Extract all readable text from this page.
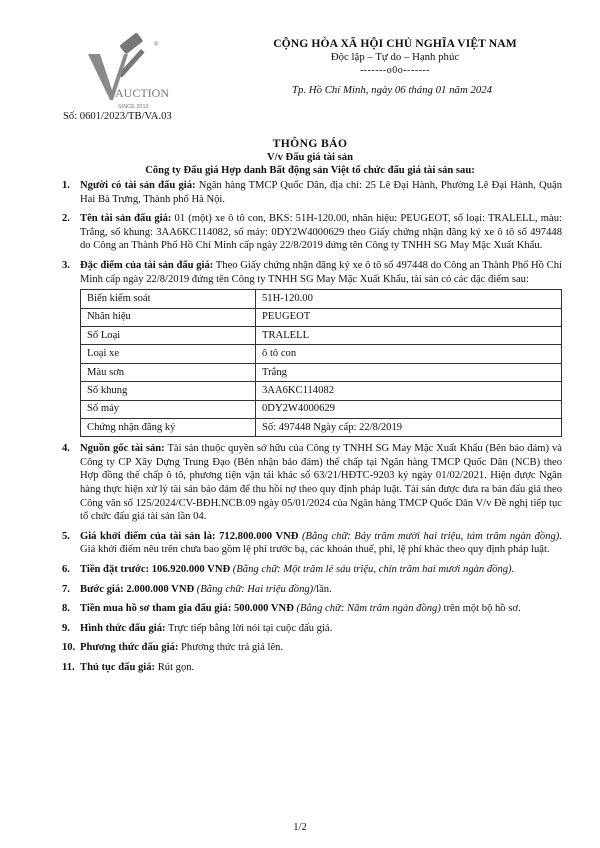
AUCTION
SINCE 2013
®
Số: 0601/2023/TB/VA.03
CỘNG HÒA XÃ HỘI CHỦ NGHĨA VIỆT NAM
Độc lập – Tự do – Hạnh phúc
-------o0o-------
Tp. Hồ Chí Minh, ngày 06 tháng 01 năm 2024
THÔNG BÁO
V/v Đấu giá tài sản
Công ty Đấu giá Hợp danh Bất động sản Việt tổ chức đấu giá tài sản sau:
1. Người có tài sản đấu giá: Ngân hàng TMCP Quốc Dân, địa chỉ: 25 Lê Đại Hành, Phường Lê Đại Hành, Quận Hai Bà Trưng, Thành phố Hà Nội.
2. Tên tài sản đấu giá: 01 (một) xe ô tô con, BKS: 51H-120.00, nhãn hiệu: PEUGEOT, số loại: TRALELL, màu: Trắng, số khung: 3AA6KC114082, số máy: 0DY2W4000629 theo Giấy chứng nhận đăng ký xe ô tô số 497448 do Công an Thành Phố Hồ Chí Minh cấp ngày 22/8/2019 đứng tên Công ty TNHH SG May Mặc Xuất Khẩu.
3. Đặc điểm của tài sản đấu giá: Theo Giấy chứng nhận đăng ký xe ô tô số 497448 do Công an Thành Phố Hồ Chí Minh cấp ngày 22/8/2019 đứng tên Công ty TNHH SG May Mặc Xuất Khẩu, tài sản có các đặc điểm sau:
Biển kiểm soát	51H-120.00
Nhãn hiệu	PEUGEOT
Số Loại	TRALELL
Loại xe	ô tô con
Màu sơn	Trắng
Số khung	3AA6KC114082
Số máy	0DY2W4000629
Chứng nhận đăng ký	Số: 497448 Ngày cấp: 22/8/2019
4. Nguồn gốc tài sản: Tài sản thuộc quyền sở hữu của Công ty TNHH SG May Mặc Xuất Khẩu (Bên bảo đảm) và Công ty CP Xây Dựng Trung Đạo (Bên nhận bảo đảm) thế chấp tại Ngân hàng TMCP Quốc Dân (NCB) theo Hợp đồng thế chấp ô tô, phương tiện vận tải khác số 63/21/HĐTC-9203 ký ngày 01/02/2021. Hiện được Ngân hàng thực hiện xử lý tài sản bảo đảm để thu hồi nợ theo quy định pháp luật. Tài sản được đưa ra bán đấu giá theo Công văn số 125/2024/CV-BĐH.NCB.09 ngày 05/01/2024 của Ngân hàng TMCP Quốc Dân V/v Đề nghị tiếp tục tổ chức đấu giá tài sản lần 04.
5. Giá khởi điểm của tài sản là: 712.800.000 VNĐ (Bằng chữ: Bảy trăm mười hai triệu, tám trăm ngàn đồng). Giá khởi điểm nêu trên chưa bao gồm lệ phí trước bạ, các khoản thuế, phí, lệ phí khác theo quy định pháp luật.
6. Tiền đặt trước: 106.920.000 VNĐ (Bằng chữ: Một trăm lẻ sáu triệu, chín trăm hai mươi ngàn đồng).
7. Bước giá: 2.000.000 VNĐ (Bằng chữ: Hai triệu đồng)/lần.
8. Tiền mua hồ sơ tham gia đấu giá: 500.000 VNĐ (Bằng chữ: Năm trăm ngàn đồng) trên một bộ hồ sơ.
9. Hình thức đấu giá: Trực tiếp bằng lời nói tại cuộc đấu giá.
10. Phương thức đấu giá: Phương thức trả giá lên.
11. Thủ tục đấu giá: Rút gọn.
1/2
